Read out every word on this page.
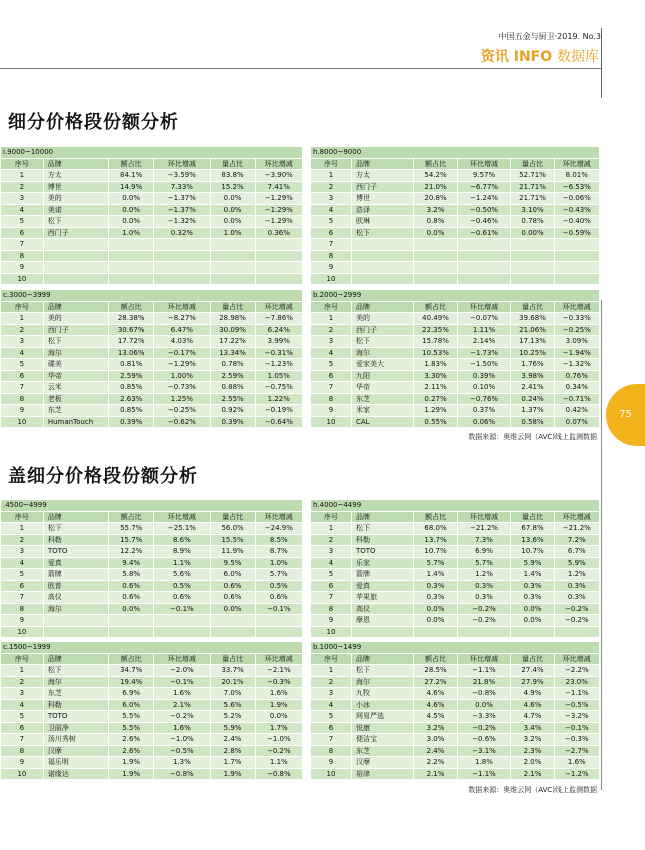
中国五金与厨卫·2019. No.3
资讯 INFO 数据库
细分价格段份额分析
盖细分价格段份额分析
75
数据来源：奥维云网（AVC)线上监测数据
数据来源：奥维云网（AVC)线上监测数据
i.9000~10000					
序号	品牌	额占比	环比增减	量占比	环比增减
1	方太	84.1%	−3.59%	83.8%	−3.90%
2	博世	14.9%	7.33%	15.2%	7.41%
3	美的	0.0%	−1.37%	0.0%	−1.29%
4	美诺	0.0%	−1.37%	0.0%	−1.29%
5	松下	0.0%	−1.32%	0.0%	−1.29%
6	西门子	1.0%	0.32%	1.0%	0.36%
7					
8					
9					
10					
h.8000~9000					
序号	品牌	额占比	环比增减	量占比	环比增减
1	方太	54.2%	9.57%	52.71%	8.01%
2	西门子	21.0%	−6.77%	21.71%	−6.53%
3	博世	20.8%	−1.24%	21.71%	−0.06%
4	浩泽	3.2%	−0.50%	3.10%	−0.43%
5	欧琳	0.8%	−0.46%	0.78%	−0.40%
6	松下	0.0%	−0.61%	0.00%	−0.59%
7					
8					
9					
10					
c.3000~3999					
序号	品牌	额占比	环比增减	量占比	环比增减
1	美的	28.38%	−8.27%	28.98%	−7.86%
2	西门子	30.67%	6.47%	30.09%	6.24%
3	松下	17.72%	4.03%	17.22%	3.99%
4	海尔	13.06%	−0.17%	13.34%	−0.31%
5	碟美	0.81%	−1.29%	0.78%	−1.23%
6	华帝	2.59%	1.00%	2.59%	1.05%
7	云米	0.85%	−0.73%	0.88%	−0.75%
8	老板	2.63%	1.25%	2.55%	1.22%
9	东芝	0.85%	−0.25%	0.92%	−0.19%
10	HumanTouch	0.39%	−0.62%	0.39%	−0.64%
b.2000~2999					
序号	品牌	额占比	环比增减	量占比	环比增减
1	美的	40.49%	−0.07%	39.68%	−0.33%
2	西门子	22.35%	1.11%	21.06%	−0.25%
3	松下	15.78%	2.14%	17.13%	3.09%
4	海尔	10.53%	−1.73%	10.25%	−1.94%
5	爱家美大	1.83%	−1.50%	1.76%	−1.32%
6	九阳	3.30%	0.39%	3.98%	0.76%
7	华帝	2.11%	0.10%	2.41%	0.34%
8	东芝	0.27%	−0.76%	0.24%	−0.71%
9	米家	1.29%	0.37%	1.37%	0.42%
10	CAL	0.55%	0.06%	0.58%	0.07%
.4500~4999					
序号	品牌	额占比	环比增减	量占比	环比增减
1	松下	55.7%	−25.1%	56.0%	−24.9%
2	科勒	15.7%	8.6%	15.5%	8.5%
3	TOTO	12.2%	8.9%	11.9%	8.7%
4	爱真	9.4%	1.1%	9.5%	1.0%
5	箭牌	5.8%	5.6%	6.0%	5.7%
6	欧普	0.6%	0.5%	0.6%	0.5%
7	高仪	0.6%	0.6%	0.6%	0.6%
8	海尔	0.0%	−0.1%	0.0%	−0.1%
9					
10					
h.4000~4499					
序号	品牌	额占比	环比增减	量占比	环比增减
1	松下	68.0%	−21.2%	67.8%	−21.2%
2	科勒	13.7%	7.3%	13.6%	7.2%
3	TOTO	10.7%	6.9%	10.7%	6.7%
4	乐家	5.7%	5.7%	5.9%	5.9%
5	箭牌	1.4%	1.2%	1.4%	1.2%
6	爱真	0.3%	0.3%	0.3%	0.3%
7	苹果旅	0.3%	0.3%	0.3%	0.3%
8	高仪	0.0%	−0.2%	0.0%	−0.2%
9	摩恩	0.0%	−0.2%	0.0%	−0.2%
10					
c.1500~1999					
序号	品牌	额占比	环比增减	量占比	环比增减
1	松下	34.7%	−2.0%	33.7%	−2.1%
2	海尔	19.4%	−0.1%	20.1%	−0.3%
3	东芝	6.9%	1.6%	7.0%	1.6%
4	科勒	6.0%	2.1%	5.6%	1.9%
5	TOTO	5.5%	−0.2%	5.2%	0.0%
6	卫丽净	5.5%	1.6%	5.9%	1.7%
7	汤川秀树	2.6%	−1.0%	2.4%	−1.0%
8	汉摩	2.6%	−0.5%	2.8%	−0.2%
9	福乐明	1.9%	1.3%	1.7%	1.1%
10	诺缘达	1.9%	−0.8%	1.9%	−0.8%
b.1000~1499					
序号	品牌	额占比	环比增减	量占比	环比增减
1	松下	28.5%	−1.1%	27.4%	−2.2%
2	海尔	27.2%	21.8%	27.9%	23.0%
3	九牧	4.6%	−0.8%	4.9%	−1.1%
4	小冰	4.6%	0.0%	4.6%	−0.5%
5	网易严选	4.5%	−3.3%	4.7%	−3.2%
6	悦康	3.2%	−0.2%	3.4%	−0.1%
7	便洁宝	3.0%	−0.6%	3.2%	−0.3%
8	东芝	2.4%	−3.1%	2.3%	−2.7%
9	汉摩	2.2%	1.8%	2.0%	1.6%
10	裕津	2.1%	−1.1%	2.1%	−1.2%
